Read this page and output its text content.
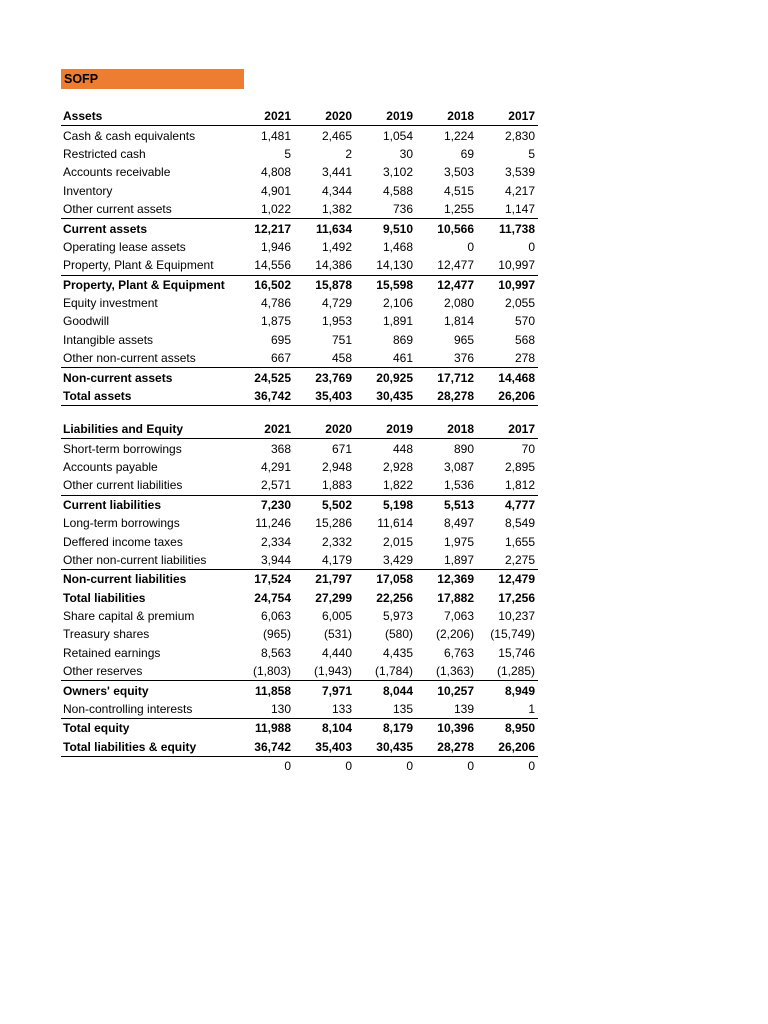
SOFP
Assets	2021	2020	2019	2018	2017
Cash & cash equivalents	1,481	2,465	1,054	1,224	2,830
Restricted cash	5	2	30	69	5
Accounts receivable	4,808	3,441	3,102	3,503	3,539
Inventory	4,901	4,344	4,588	4,515	4,217
Other current assets	1,022	1,382	736	1,255	1,147
Current assets	12,217	11,634	9,510	10,566	11,738
Operating lease assets	1,946	1,492	1,468	0	0
Property, Plant & Equipment	14,556	14,386	14,130	12,477	10,997
Property, Plant & Equipment	16,502	15,878	15,598	12,477	10,997
Equity investment	4,786	4,729	2,106	2,080	2,055
Goodwill	1,875	1,953	1,891	1,814	570
Intangible assets	695	751	869	965	568
Other non-current assets	667	458	461	376	278
Non-current assets	24,525	23,769	20,925	17,712	14,468
Total assets	36,742	35,403	30,435	28,278	26,206
Liabilities and Equity	2021	2020	2019	2018	2017
Short-term borrowings	368	671	448	890	70
Accounts payable	4,291	2,948	2,928	3,087	2,895
Other current liabilities	2,571	1,883	1,822	1,536	1,812
Current liabilities	7,230	5,502	5,198	5,513	4,777
Long-term borrowings	11,246	15,286	11,614	8,497	8,549
Deffered income taxes	2,334	2,332	2,015	1,975	1,655
Other non-current liabilities	3,944	4,179	3,429	1,897	2,275
Non-current liabilities	17,524	21,797	17,058	12,369	12,479
Total liabilities	24,754	27,299	22,256	17,882	17,256
Share capital & premium	6,063	6,005	5,973	7,063	10,237
Treasury shares	(965)	(531)	(580)	(2,206)	(15,749)
Retained earnings	8,563	4,440	4,435	6,763	15,746
Other reserves	(1,803)	(1,943)	(1,784)	(1,363)	(1,285)
Owners' equity	11,858	7,971	8,044	10,257	8,949
Non-controlling interests	130	133	135	139	1
Total equity	11,988	8,104	8,179	10,396	8,950
Total liabilities & equity	36,742	35,403	30,435	28,278	26,206
	0	0	0	0	0
